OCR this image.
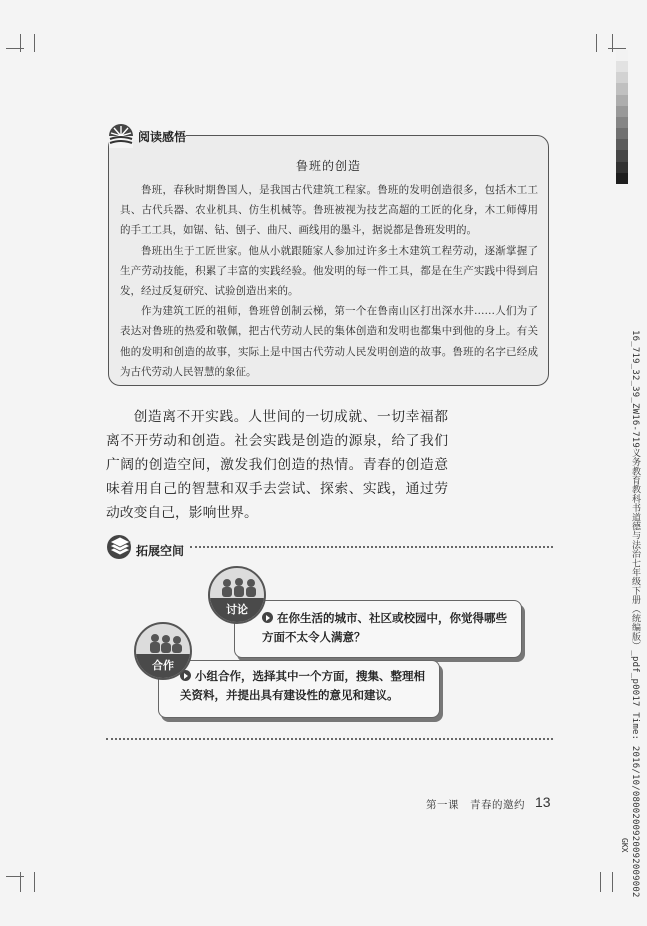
16_719_32_39_ZW16-719义务教育教科书道德与法治七年级下册（统编版）_pdf_p0017 Time: 2016/10/0800200920092009002
GKX
阅读感悟
鲁班的创造

鲁班，春秋时期鲁国人，是我国古代建筑工程家。鲁班的发明创造很多，包括木工工具、古代兵器、农业机具、仿生机械等。鲁班被视为技艺高超的工匠的化身，木工师傅用的手工工具，如锯、钻、刨子、曲尺、画线用的墨斗，据说都是鲁班发明的。

鲁班出生于工匠世家。他从小就跟随家人参加过许多土木建筑工程劳动，逐渐掌握了生产劳动技能，积累了丰富的实践经验。他发明的每一件工具，都是在生产实践中得到启发，经过反复研究、试验创造出来的。

作为建筑工匠的祖师，鲁班曾创制云梯，第一个在鲁南山区打出深水井……人们为了表达对鲁班的热爱和敬佩，把古代劳动人民的集体创造和发明也都集中到他的身上。有关他的发明和创造的故事，实际上是中国古代劳动人民发明创造的故事。鲁班的名字已经成为古代劳动人民智慧的象征。

创造离不开实践。人世间的一切成就、一切幸福都离不开劳动和创造。社会实践是创造的源泉，给了我们广阔的创造空间，激发我们创造的热情。青春的创造意味着用自己的智慧和双手去尝试、探索、实践，通过劳动改变自己，影响世界。
拓展空间
在你生活的城市、社区或校园中，你觉得哪些方面不太令人满意？
讨论
小组合作，选择其中一个方面，搜集、整理相关资料，并提出具有建设性的意见和建议。
合作
第一课　青春的邀约 13
